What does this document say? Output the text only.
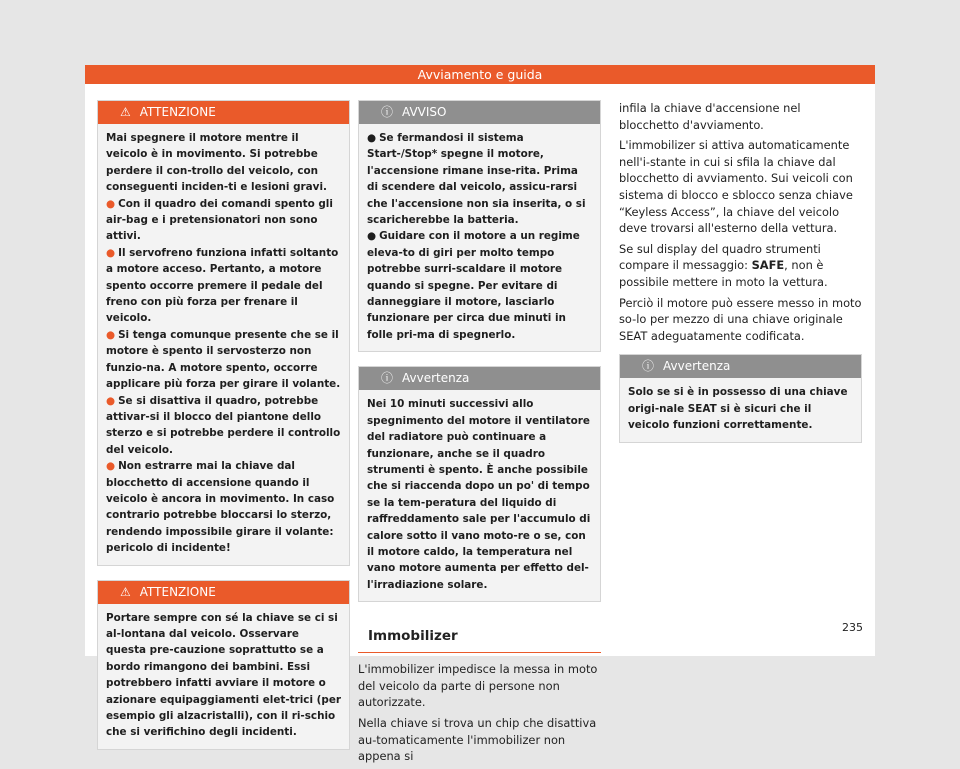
Avviamento e guida
⚠ ATTENZIONE

Mai spegnere il motore mentre il veicolo è in movimento. Si potrebbe perdere il con-trollo del veicolo, con conseguenti inciden-ti e lesioni gravi.

● Con il quadro dei comandi spento gli air-bag e i pretensionatori non sono attivi.

● Il servofreno funziona infatti soltanto a motore acceso. Pertanto, a motore spento occorre premere il pedale del freno con più forza per frenare il veicolo.

● Si tenga comunque presente che se il motore è spento il servosterzo non funzio-na. A motore spento, occorre applicare più forza per girare il volante.

● Se si disattiva il quadro, potrebbe attivar-si il blocco del piantone dello sterzo e si potrebbe perdere il controllo del veicolo.

● Non estrarre mai la chiave dal blocchetto di accensione quando il veicolo è ancora in movimento. In caso contrario potrebbe bloccarsi lo sterzo, rendendo impossibile girare il volante: pericolo di incidente!

⚠ ATTENZIONE

Portare sempre con sé la chiave se ci si al-lontana dal veicolo. Osservare questa pre-cauzione soprattutto se a bordo rimangono dei bambini. Essi potrebbero infatti avviare il motore o azionare equipaggiamenti elet-trici (per esempio gli alzacristalli), con il ri-schio che si verifichino degli incidenti.

ⓘ AVVISO

● Se fermandosi il sistema Start-/Stop* spegne il motore, l'accensione rimane inse-rita. Prima di scendere dal veicolo, assicu-rarsi che l'accensione non sia inserita, o si scaricherebbe la batteria.

● Guidare con il motore a un regime eleva-to di giri per molto tempo potrebbe surri-scaldare il motore quando si spegne. Per evitare di danneggiare il motore, lasciarlo funzionare per circa due minuti in folle pri-ma di spegnerlo.

ⓘ Avvertenza

Nei 10 minuti successivi allo spegnimento del motore il ventilatore del radiatore può continuare a funzionare, anche se il quadro strumenti è spento. È anche possibile che si riaccenda dopo un po' di tempo se la tem-peratura del liquido di raffreddamento sale per l'accumulo di calore sotto il vano moto-re o se, con il motore caldo, la temperatura nel vano motore aumenta per effetto del-l'irradiazione solare.

Immobilizer

L'immobilizer impedisce la messa in moto del veicolo da parte di persone non autorizzate.

Nella chiave si trova un chip che disattiva au-tomaticamente l'immobilizer non appena si

infila la chiave d'accensione nel blocchetto d'avviamento.

L'immobilizer si attiva automaticamente nell'i-stante in cui si sfila la chiave dal blocchetto di avviamento. Sui veicoli con sistema di blocco e sblocco senza chiave “Keyless Access”, la chiave del veicolo deve trovarsi all'esterno della vettura.

Se sul display del quadro strumenti compare il messaggio: SAFE, non è possibile mettere in moto la vettura.

Perciò il motore può essere messo in moto so-lo per mezzo di una chiave originale SEAT adeguatamente codificata.

ⓘ Avvertenza

Solo se si è in possesso di una chiave origi-nale SEAT si è sicuri che il veicolo funzioni correttamente.

235
